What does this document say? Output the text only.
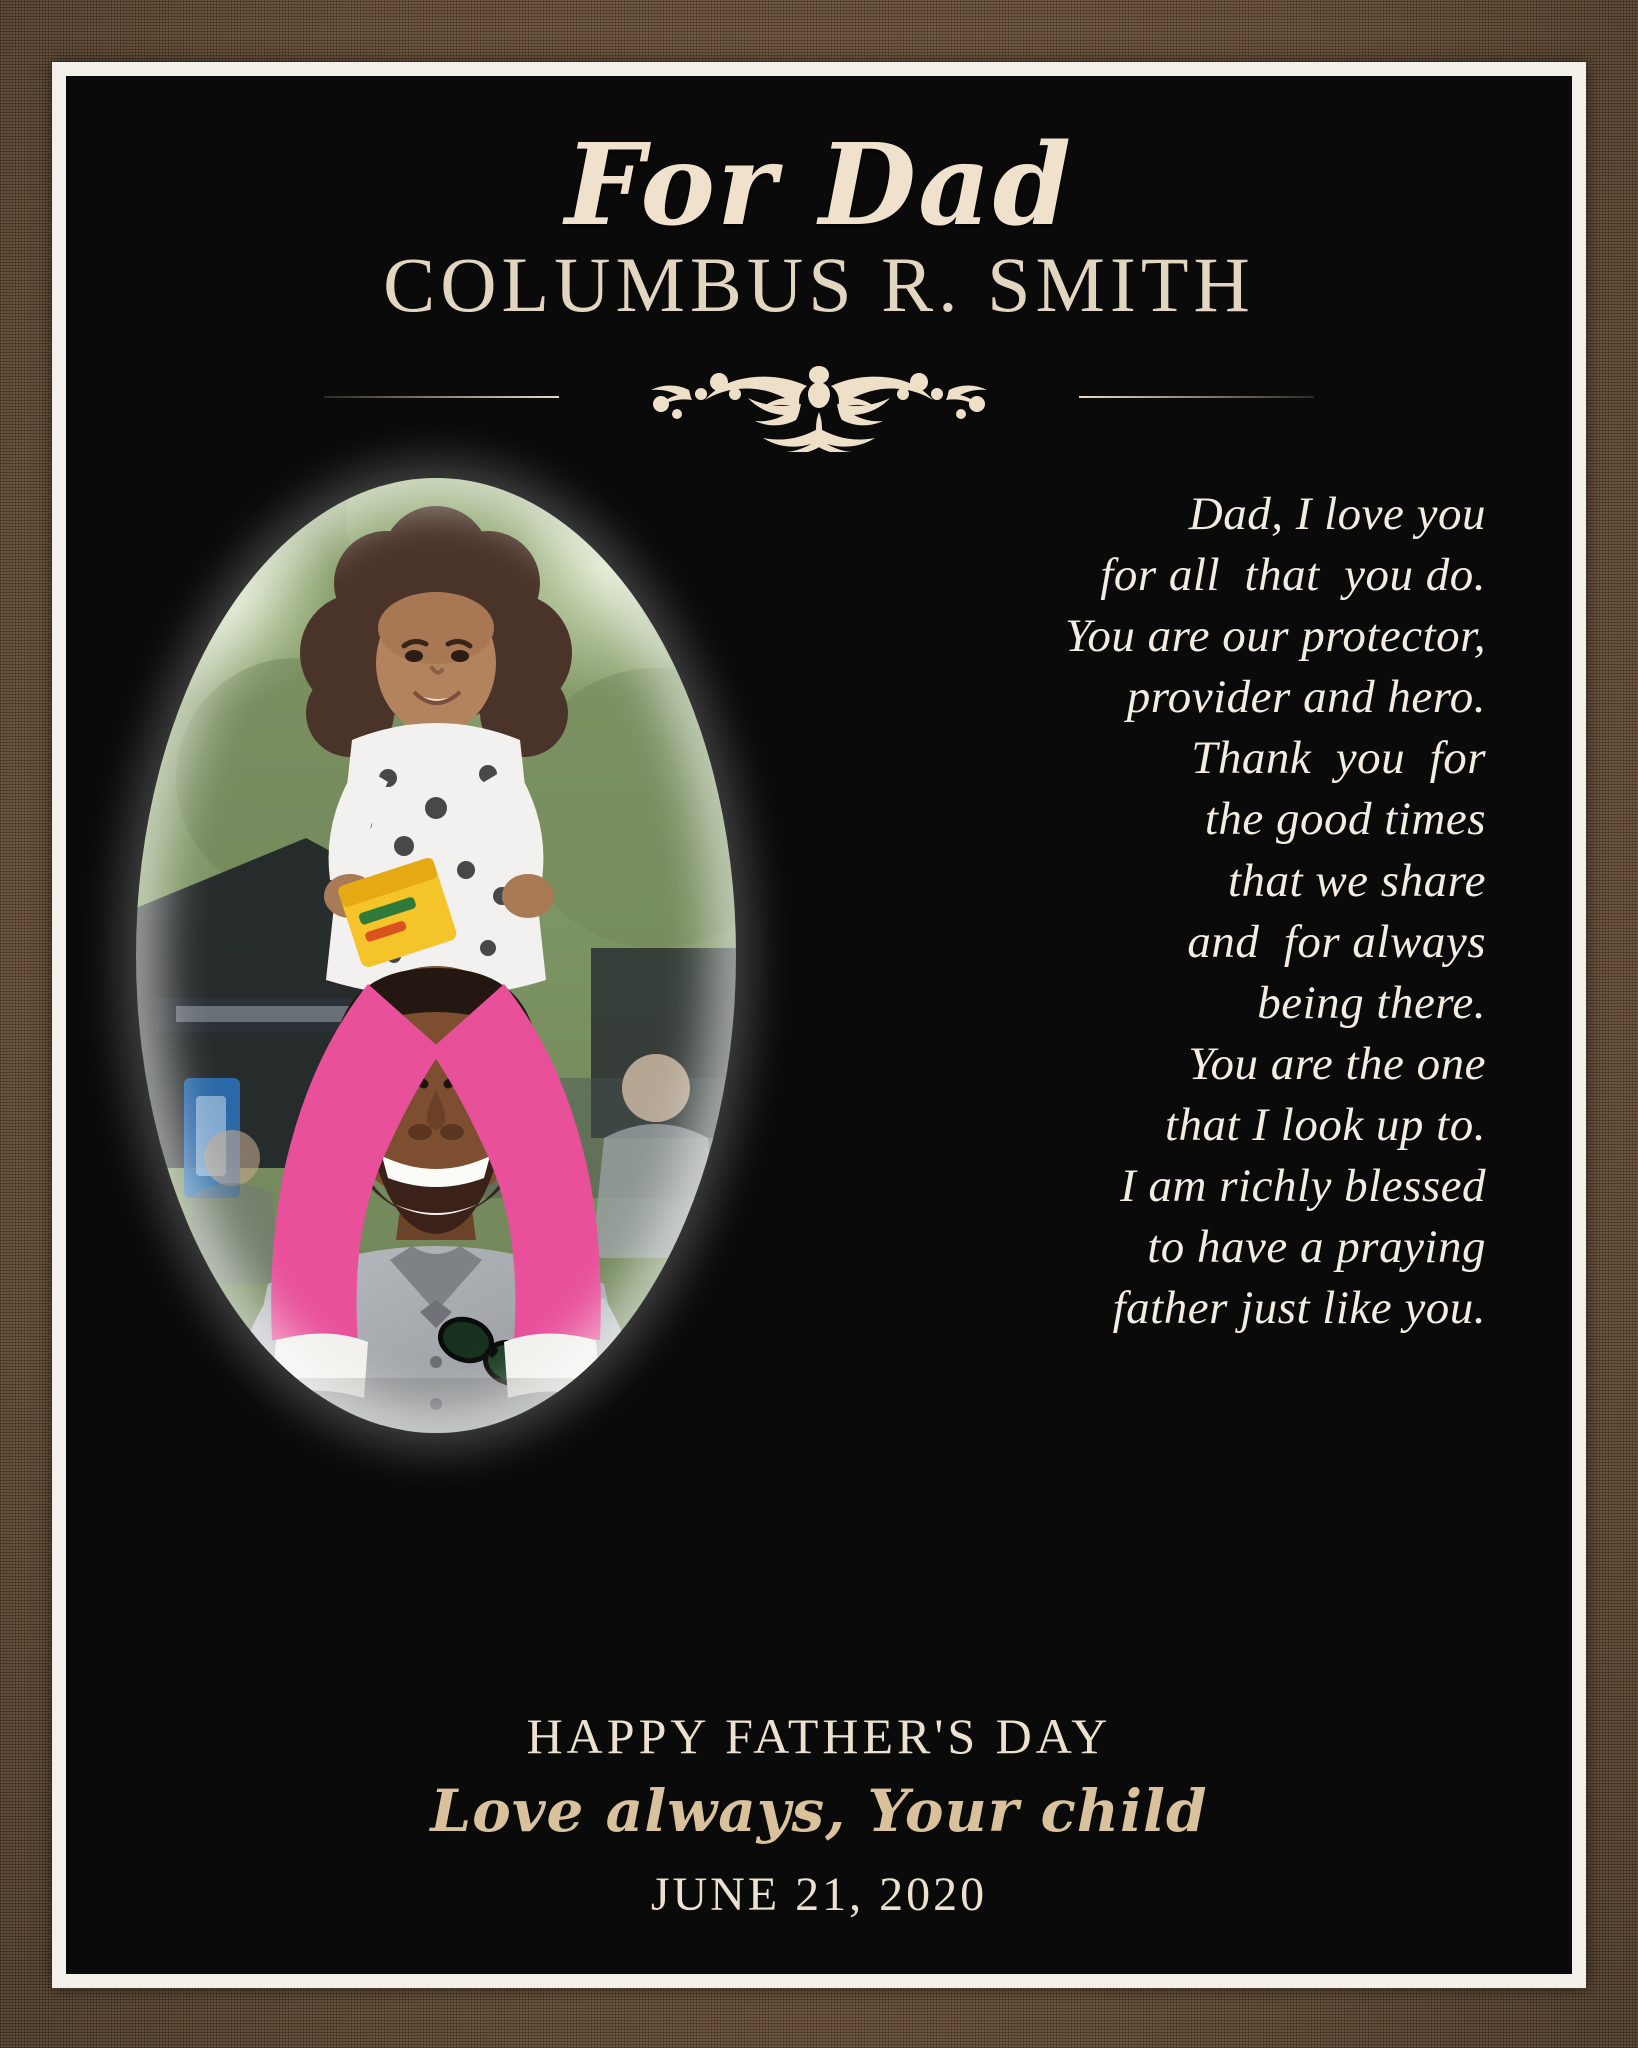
For Dad

COLUMBUS R. SMITH

Dad, I love you
for all  that  you do.
You are our protector,
provider and hero.
Thank  you  for
the good times
that we share
and  for always
being there.
You are the one
that I look up to.
I am richly blessed
to have a praying
father just like you.

HAPPY FATHER'S DAY

Love always, Your child

JUNE 21, 2020
